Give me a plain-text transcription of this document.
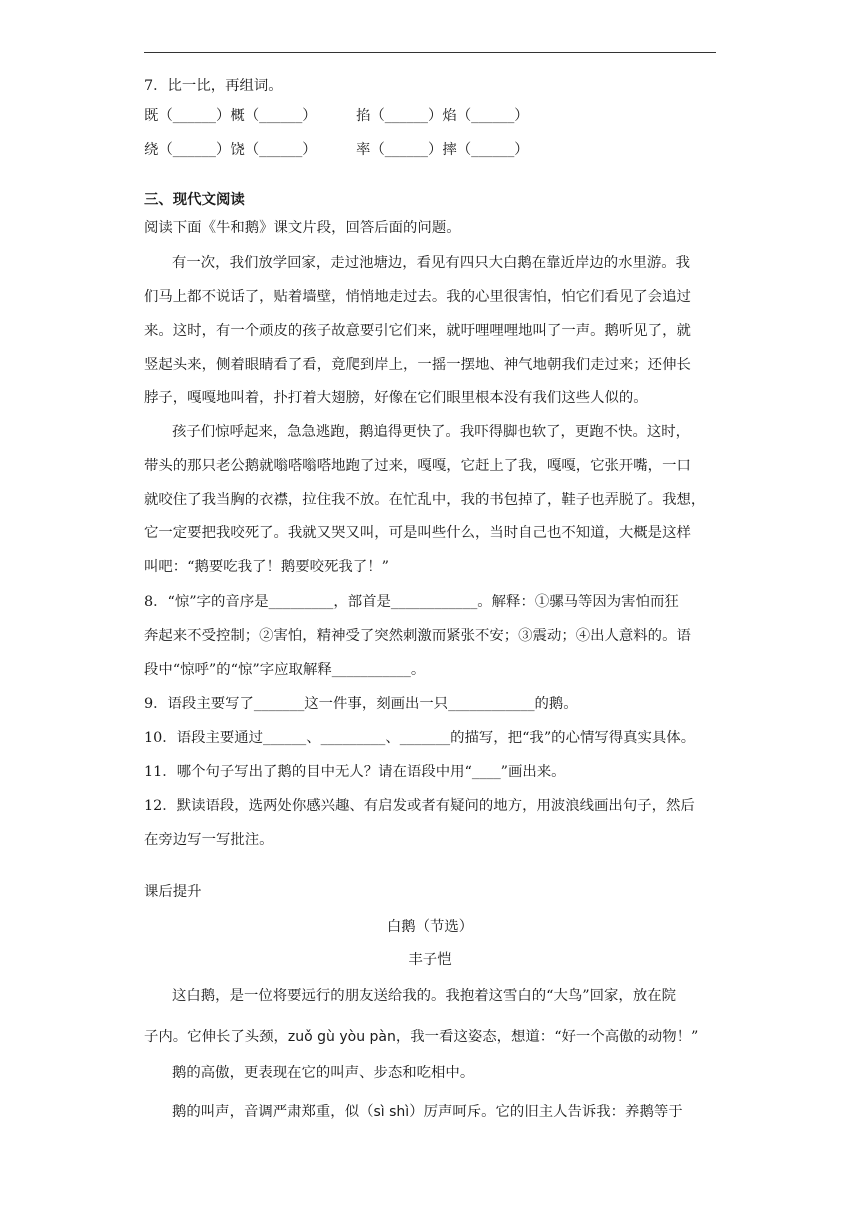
7．比一比，再组词。
既（______）概（______）	掐（______）焰（______）
绕（______）饶（______）	率（______）摔（______）
三、现代文阅读
阅读下面《牛和鹅》课文片段，回答后面的问题。
有一次，我们放学回家，走过池塘边，看见有四只大白鹅在靠近岸边的水里游。我
们马上都不说话了，贴着墙壁，悄悄地走过去。我的心里很害怕，怕它们看见了会追过
来。这时，有一个顽皮的孩子故意要引它们来，就吁哩哩哩地叫了一声。鹅听见了，就
竖起头来，侧着眼睛看了看，竟爬到岸上，一摇一摆地、神气地朝我们走过来；还伸长
脖子，嘎嘎地叫着，扑打着大翅膀，好像在它们眼里根本没有我们这些人似的。
孩子们惊呼起来，急急逃跑，鹅追得更快了。我吓得脚也软了，更跑不快。这时，
带头的那只老公鹅就嗡嗒嗡嗒地跑了过来，嘎嘎，它赶上了我，嘎嘎，它张开嘴，一口
就咬住了我当胸的衣襟，拉住我不放。在忙乱中，我的书包掉了，鞋子也弄脱了。我想，
它一定要把我咬死了。我就又哭又叫，可是叫些什么，当时自己也不知道，大概是这样
叫吧：“鹅要吃我了！鹅要咬死我了！”
8．“惊”字的音序是_________，部首是____________。解释：①骡马等因为害怕而狂
奔起来不受控制；②害怕，精神受了突然刺激而紧张不安；③震动；④出人意料的。语
段中“惊呼”的“惊”字应取解释___________。
9．语段主要写了_______这一件事，刻画出一只____________的鹅。
10．语段主要通过______、_________、_______的描写，把“我”的心情写得真实具体。
11．哪个句子写出了鹅的目中无人？请在语段中用“____”画出来。
12．默读语段，选两处你感兴趣、有启发或者有疑问的地方，用波浪线画出句子，然后
在旁边写一写批注。
课后提升
白鹅（节选）
丰子恺
这白鹅，是一位将要远行的朋友送给我的。我抱着这雪白的“大鸟”回家，放在院
子内。它伸长了头颈，zuǒ gù yòu pàn，我一看这姿态，想道：“好一个高傲的动物！”
鹅的高傲，更表现在它的叫声、步态和吃相中。
鹅的叫声，音调严肃郑重，似（sì shì）厉声呵斥。它的旧主人告诉我：养鹅等于
